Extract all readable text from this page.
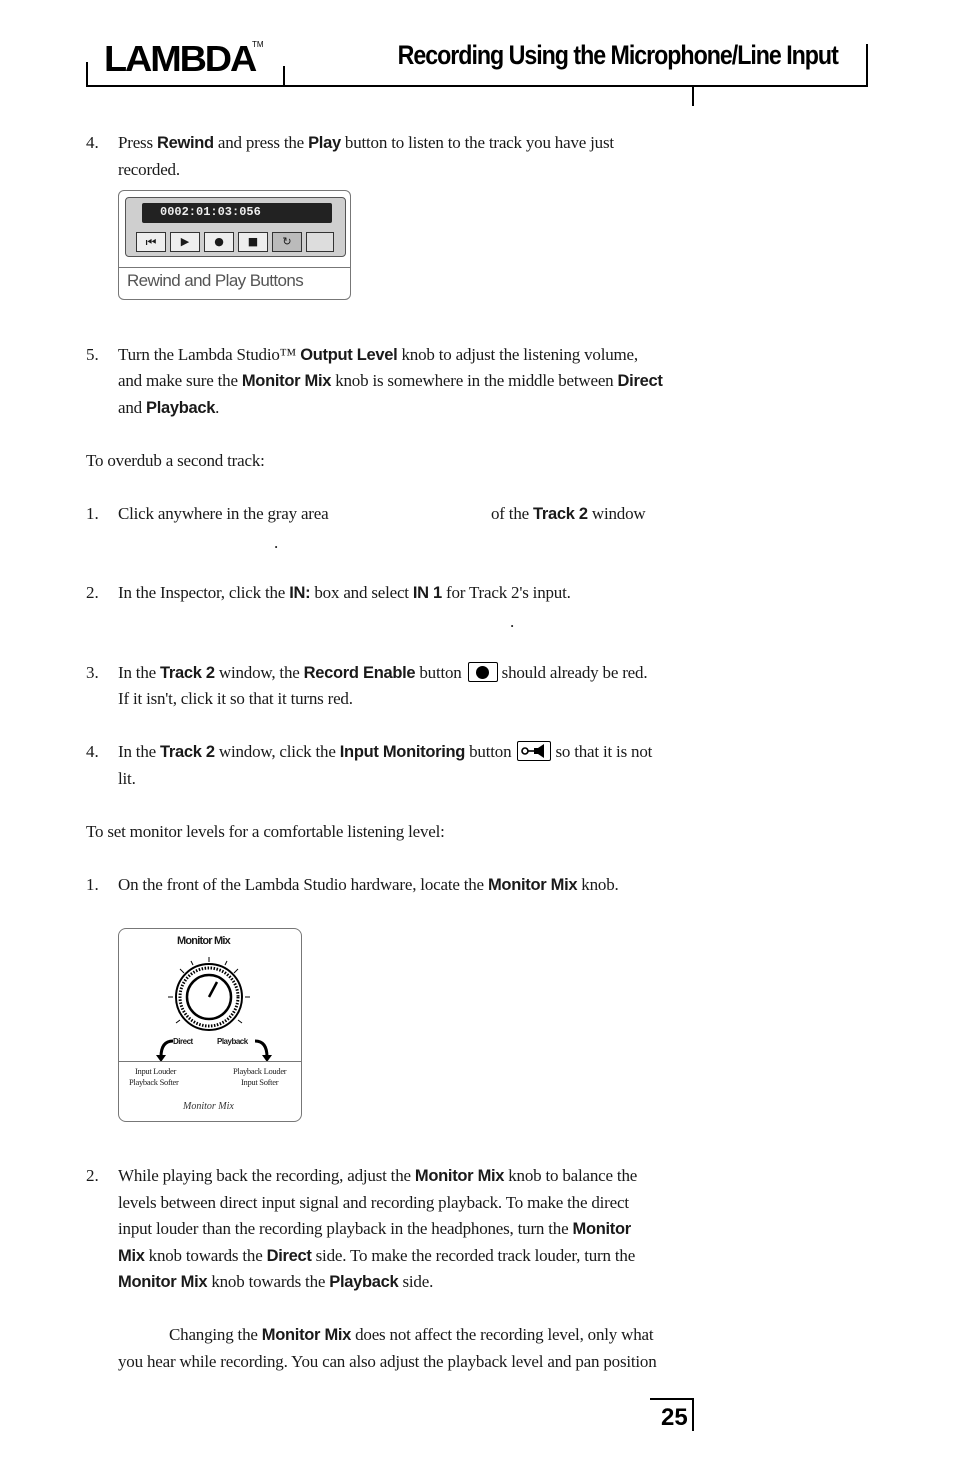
LAMBDA
TM	Recording Using the Microphone/Line Input
4. Press Rewind and press the Play button to listen to the track you have just
recorded.
0002:01:03:056
⏮	▶	●	■	↻
Rewind and Play Buttons
5. Turn the Lambda Studio™ Output Level knob to adjust the listening volume,
and make sure the Monitor Mix knob is somewhere in the middle between Direct
and Playback.
To overdub a second track:
1. Click anywhere in the gray area	of the Track 2 window
.
2. In the Inspector, click the IN: box and select IN 1 for Track 2's input.
.
3. In the Track 2 window, the Record Enable button should already be red.
If it isn't, click it so that it turns red.
4. In the Track 2 window, click the Input Monitoring button	so that it is not
lit.
To set monitor levels for a comfortable listening level:
1. On the front of the Lambda Studio hardware, locate the Monitor Mix knob.
Monitor Mix
Direct	Playback
Input Louder
Playback Softer
Playback Louder
Input Softer
Monitor Mix
2. While playing back the recording, adjust the Monitor Mix knob to balance the
levels between direct input signal and recording playback. To make the direct
input louder than the recording playback in the headphones, turn the Monitor
Mix knob towards the Direct side. To make the recorded track louder, turn the
Monitor Mix knob towards the Playback side.
Changing the Monitor Mix does not affect the recording level, only what
you hear while recording. You can also adjust the playback level and pan position
25
